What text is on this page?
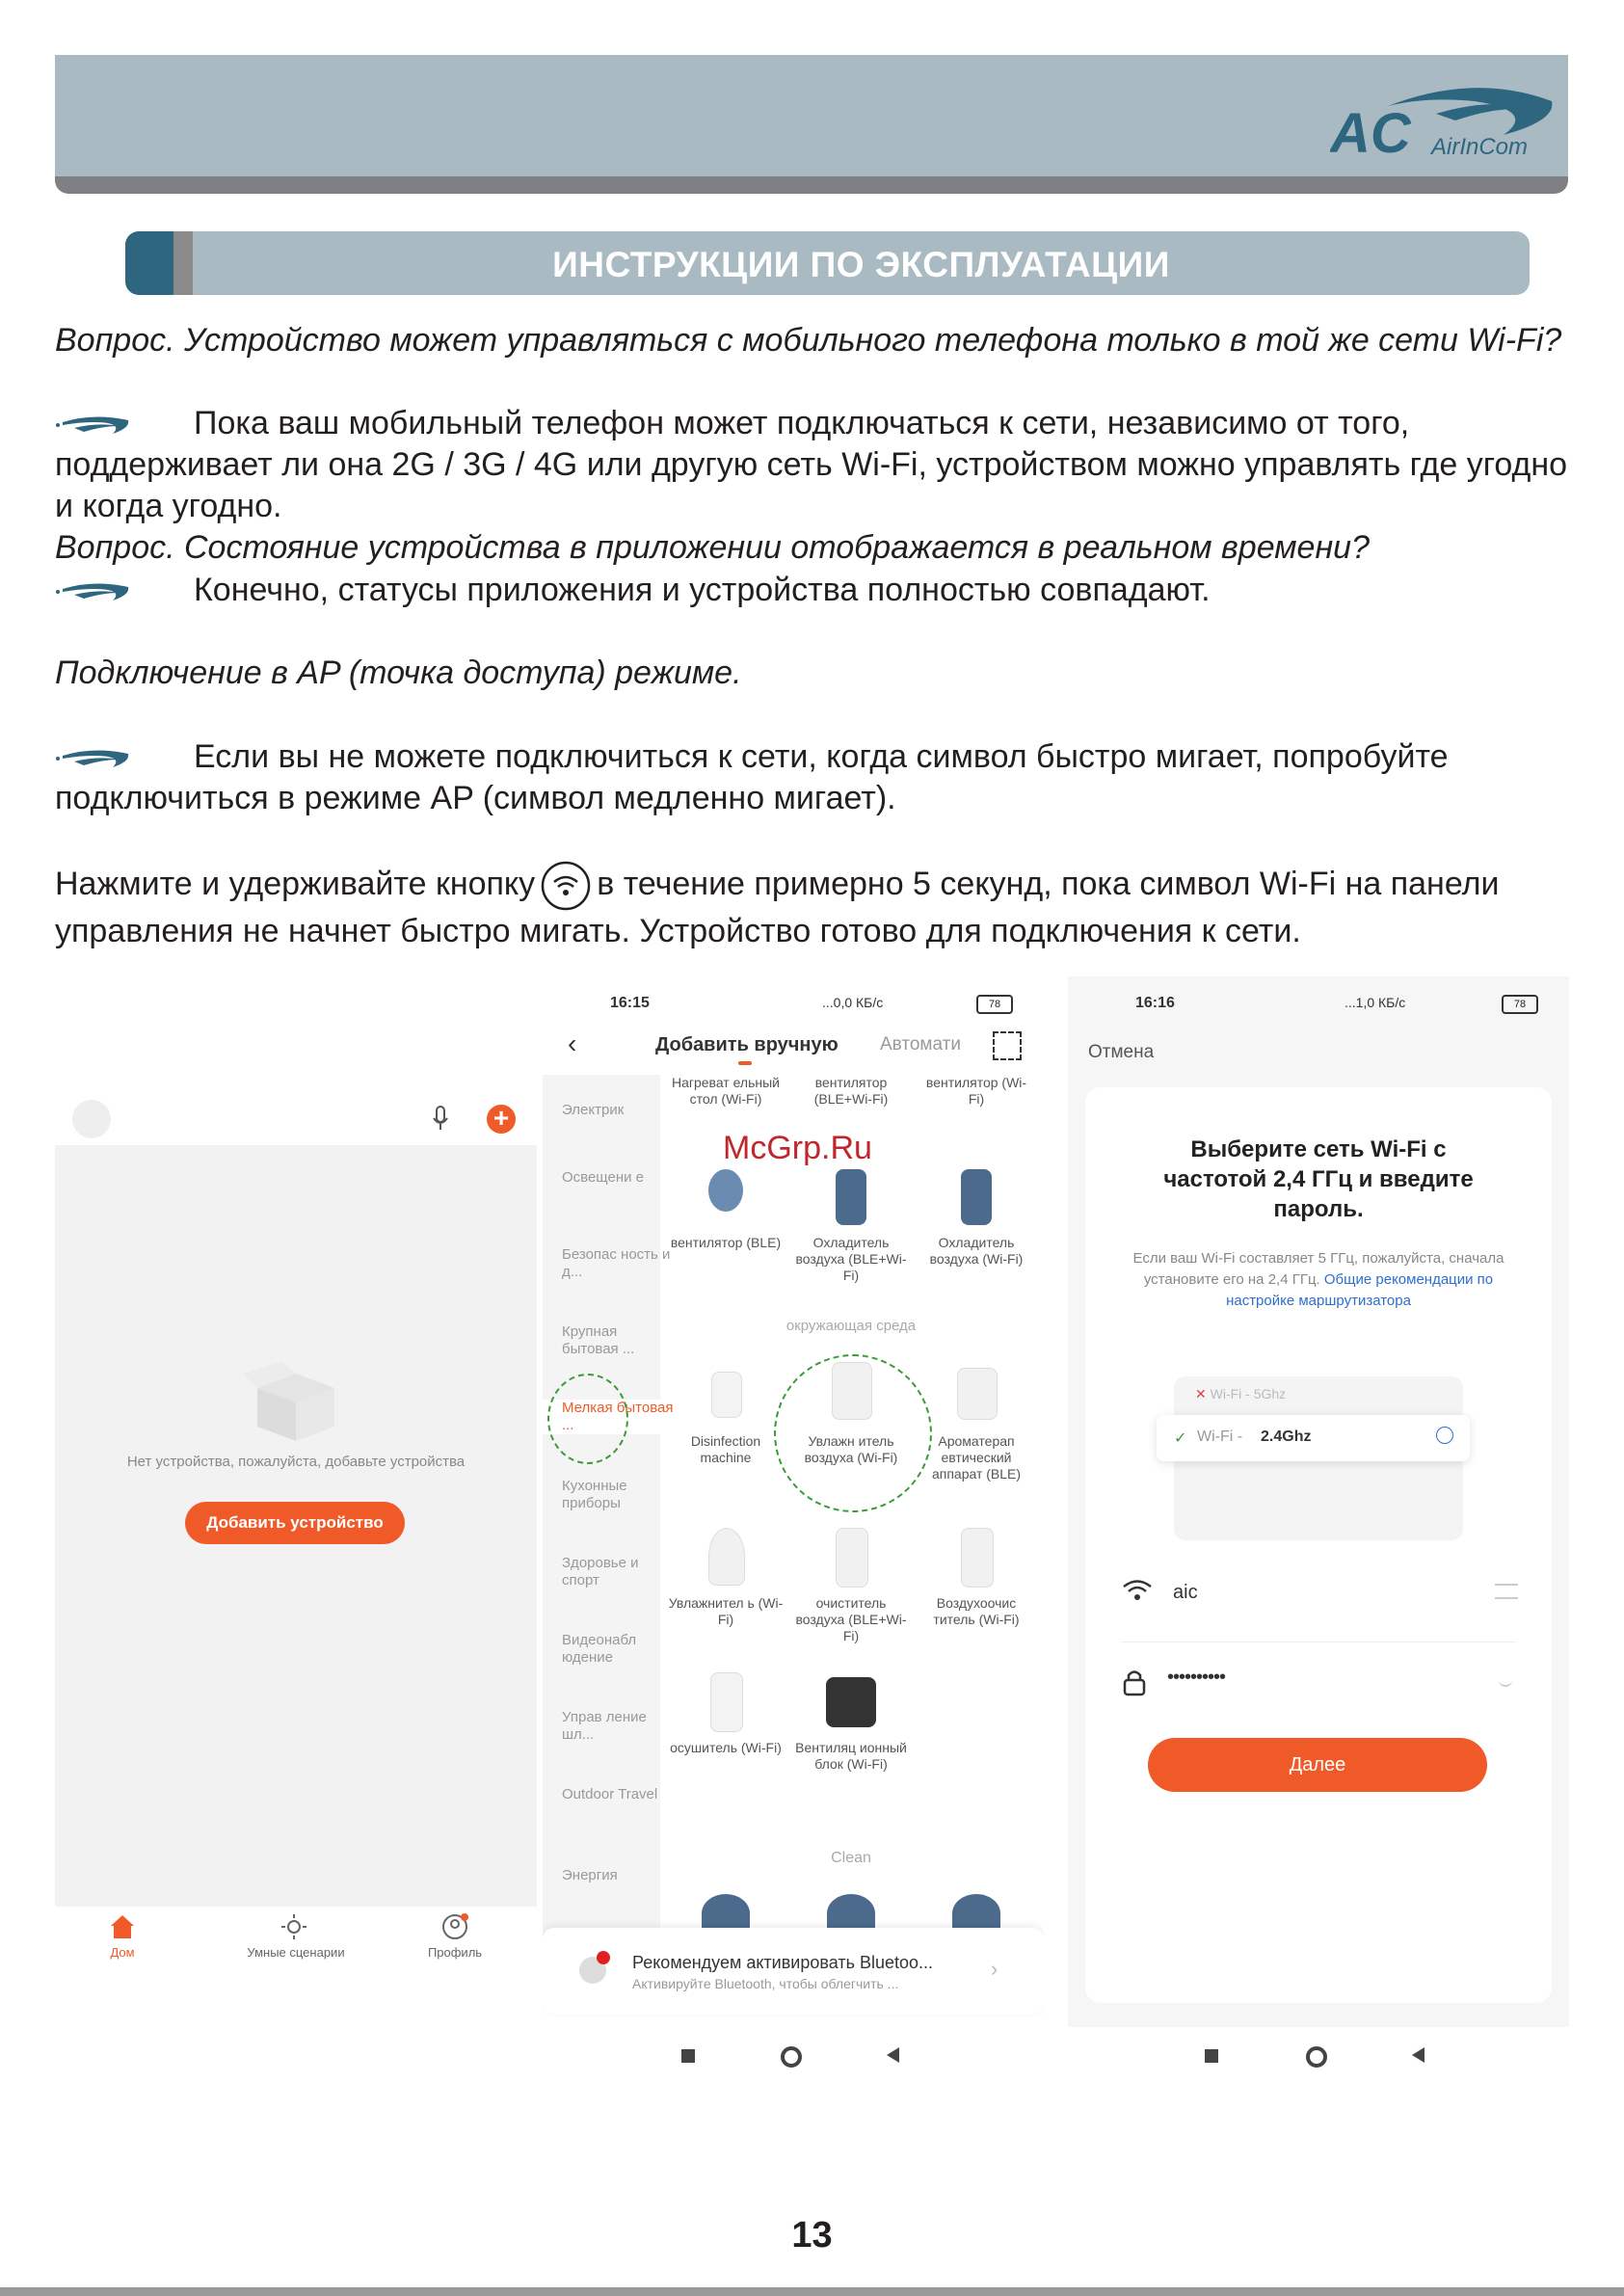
AC AirInCom
ИНСТРУКЦИИ ПО ЭКСПЛУАТАЦИИ
Вопрос. Устройство может управляться с мобильного телефона только в той же сети Wi-Fi?
Пока ваш мобильный телефон может подключаться к сети, независимо от того, поддерживает ли она 2G / 3G / 4G или другую сеть Wi-Fi, устройством можно управлять где угодно и когда угодно.
Вопрос. Состояние устройства в приложении отображается в реальном времени?
Конечно, статусы приложения и устройства полностью совпадают.
Подключение в AP (точка доступа) режиме.
Если вы не можете подключиться к сети, когда символ быстро мигает, попробуйте подключиться в режиме AP (символ медленно мигает).
Нажмите и удерживайте кнопку в течение примерно 5 секунд, пока символ Wi-Fi на панели управления не начнет быстро мигать. Устройство готово для подключения к сети.
+
Нет устройства, пожалуйста, добавьте устройства
Добавить устройство
Дом	Умные сценарии	Профиль
16:15	...0,0 КБ/с	78
‹	Добавить вручную Автомати
Электрик
Освещени е
Безопас ность и д...
Крупная бытовая ...
Мелкая бытовая ...
Кухонные приборы
Здоровье и спорт
Видеонабл юдение
Управ ление шл...
Outdoor Travel
Энергия
McGrp.Ru
Нагреват ельный стол (Wi-Fi)
вентилятор (BLE+Wi-Fi)
вентилятор (Wi-Fi)
вентилятор (BLE)	Охладитель воздуха (BLE+Wi-Fi)
Охладитель воздуха (Wi-Fi)
окружающая среда
Disinfection machine
Увлажн итель воздуха (Wi-Fi)
Ароматерап евтический аппарат (BLE)
Увлажнител ь (Wi-Fi)
очиститель воздуха (BLE+Wi-Fi)
Воздухоочис титель (Wi-Fi)
осушитель (Wi-Fi) Вентиляц ионный блок (Wi-Fi)
Clean
Рекомендуем активировать Bluetoo...
Активируйте Bluetooth, чтобы облегчить ...
›
16:16	...1,0 КБ/с	78
Отмена
Выберите сеть Wi-Fi с частотой 2,4 ГГц и введите пароль.
Если ваш Wi-Fi составляет 5 ГГц, пожалуйста, сначала установите его на 2,4 ГГц. Общие рекомендации по настройке маршрутизатора
✕ Wi-Fi - 5Ghz
✓ Wi-Fi - 2.4Ghz
aic
••••••••••
Далее
13
